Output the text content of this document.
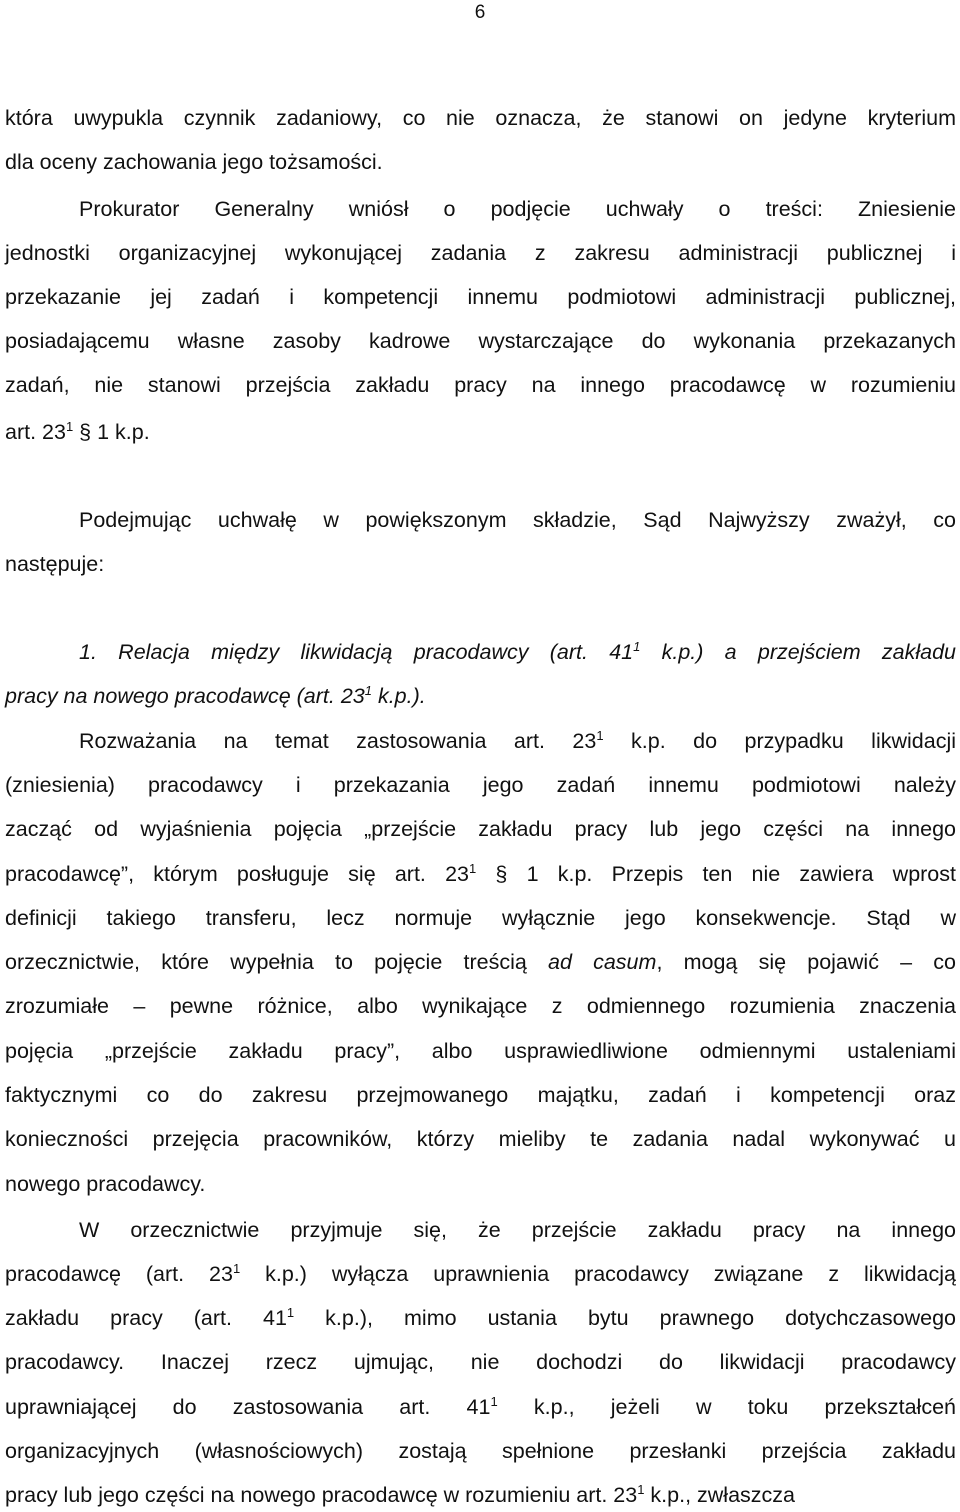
6
która uwypukla czynnik zadaniowy, co nie oznacza, że stanowi on jedyne kryterium
dla oceny zachowania jego tożsamości.
Prokurator Generalny wniósł o podjęcie uchwały o treści: Zniesienie
jednostki organizacyjnej wykonującej zadania z zakresu administracji publicznej i
przekazanie jej zadań i kompetencji innemu podmiotowi administracji publicznej,
posiadającemu własne zasoby kadrowe wystarczające do wykonania przekazanych
zadań, nie stanowi przejścia zakładu pracy na innego pracodawcę w rozumieniu
art. $23^1$ § 1 k.p.
Podejmując uchwałę w powiększonym składzie, Sąd Najwyższy zważył, co
następuje:
1. Relacja między likwidacją pracodawcy (art. $41^1$ k.p.) a przejściem zakładu
pracy na nowego pracodawcę (art. $23^1$ k.p.).
Rozważania na temat zastosowania art. $23^1$ k.p. do przypadku likwidacji
(zniesienia) pracodawcy i przekazania jego zadań innemu podmiotowi należy
zacząć od wyjaśnienia pojęcia „przejście zakładu pracy lub jego części na innego
pracodawcę”, którym posługuje się art. $23^1$ § 1 k.p. Przepis ten nie zawiera wprost
definicji takiego transferu, lecz normuje wyłącznie jego konsekwencje. Stąd w
orzecznictwie, które wypełnia to pojęcie treścią ad casum, mogą się pojawić – co
zrozumiałe – pewne różnice, albo wynikające z odmiennego rozumienia znaczenia
pojęcia „przejście zakładu pracy”, albo usprawiedliwione odmiennymi ustaleniami
faktycznymi co do zakresu przejmowanego majątku, zadań i kompetencji oraz
konieczności przejęcia pracowników, którzy mieliby te zadania nadal wykonywać u
nowego pracodawcy.
W orzecznictwie przyjmuje się, że przejście zakładu pracy na innego
pracodawcę (art. $23^1$ k.p.) wyłącza uprawnienia pracodawcy związane z likwidacją
zakładu pracy (art. $41^1$ k.p.), mimo ustania bytu prawnego dotychczasowego
pracodawcy. Inaczej rzecz ujmując, nie dochodzi do likwidacji pracodawcy
uprawniającej do zastosowania art. $41^1$ k.p., jeżeli w toku przekształceń
organizacyjnych (własnościowych) zostają spełnione przesłanki przejścia zakładu
pracy lub jego części na nowego pracodawcę w rozumieniu art. $23^1$ k.p., zwłaszcza
